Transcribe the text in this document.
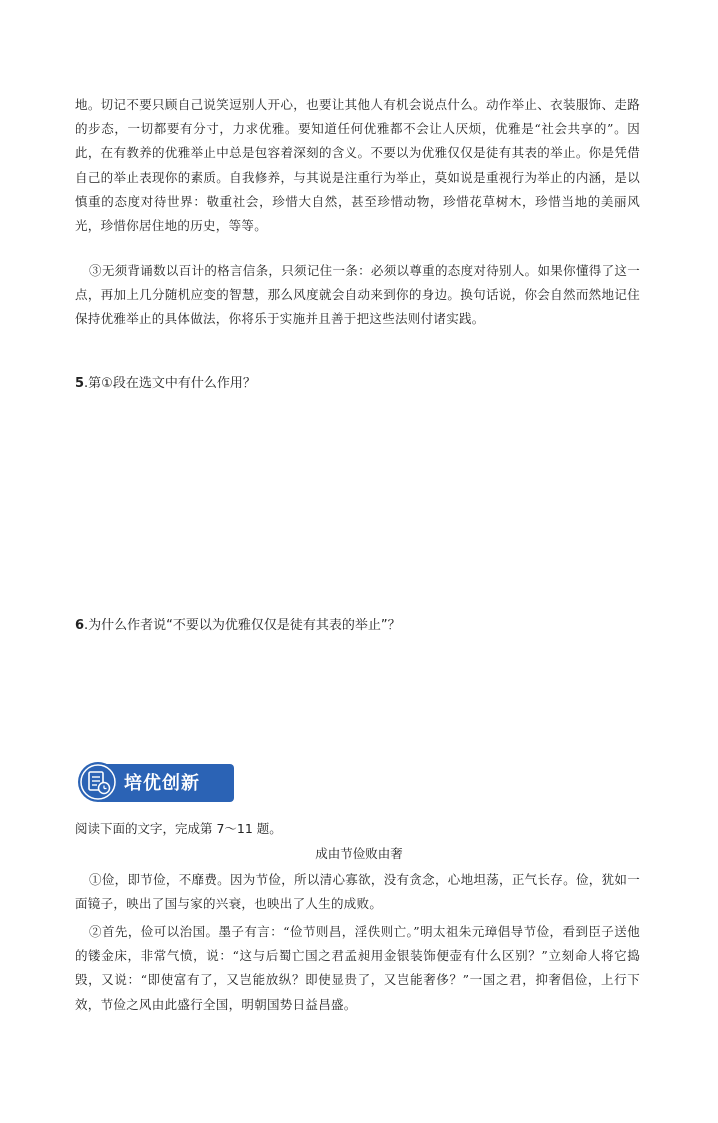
地。切记不要只顾自己说笑逗别人开心，也要让其他人有机会说点什么。动作举止、衣装服饰、走路的步态，一切都要有分寸，力求优雅。要知道任何优雅都不会让人厌烦，优雅是“社会共享的”。因此，在有教养的优雅举止中总是包容着深刻的含义。不要以为优雅仅仅是徒有其表的举止。你是凭借自己的举止表现你的素质。自我修养，与其说是注重行为举止，莫如说是重视行为举止的内涵，是以慎重的态度对待世界：敬重社会，珍惜大自然，甚至珍惜动物，珍惜花草树木，珍惜当地的美丽风光，珍惜你居住地的历史，等等。
③无须背诵数以百计的格言信条，只须记住一条：必须以尊重的态度对待别人。如果你懂得了这一点，再加上几分随机应变的智慧，那么风度就会自动来到你的身边。换句话说，你会自然而然地记住保持优雅举止的具体做法，你将乐于实施并且善于把这些法则付诸实践。
5.第①段在选文中有什么作用？
6.为什么作者说“不要以为优雅仅仅是徒有其表的举止”？
培优创新
阅读下面的文字，完成第 7～11 题。
成由节俭败由奢
①俭，即节俭，不靡费。因为节俭，所以清心寡欲，没有贪念，心地坦荡，正气长存。俭，犹如一面镜子，映出了国与家的兴衰，也映出了人生的成败。
②首先，俭可以治国。墨子有言：“俭节则昌，淫佚则亡。”明太祖朱元璋倡导节俭，看到臣子送他的镂金床，非常气愤，说：“这与后蜀亡国之君孟昶用金银装饰便壶有什么区别？”立刻命人将它捣毁，又说：“即使富有了，又岂能放纵？即使显贵了，又岂能奢侈？”一国之君，抑奢倡俭，上行下效，节俭之风由此盛行全国，明朝国势日益昌盛。
